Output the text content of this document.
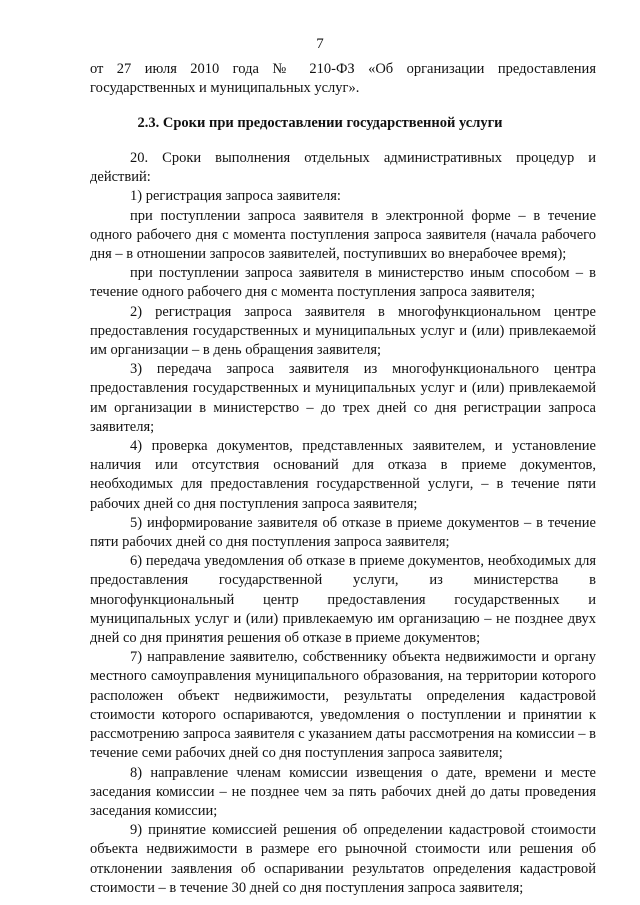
7
от 27 июля 2010 года № 210-ФЗ «Об организации предоставления государственных и муниципальных услуг».
2.3. Сроки при предоставлении государственной услуги

20. Сроки выполнения отдельных административных процедур и действий:

1) регистрация запроса заявителя:

при поступлении запроса заявителя в электронной форме – в течение одного рабочего дня с момента поступления запроса заявителя (начала рабочего дня – в отношении запросов заявителей, поступивших во внерабочее время);

при поступлении запроса заявителя в министерство иным способом – в течение одного рабочего дня с момента поступления запроса заявителя;

2) регистрация запроса заявителя в многофункциональном центре предоставления государственных и муниципальных услуг и (или) привлекаемой им организации – в день обращения заявителя;

3) передача запроса заявителя из многофункционального центра предоставления государственных и муниципальных услуг и (или) привлекаемой им организации в министерство – до трех дней со дня регистрации запроса заявителя;

4) проверка документов, представленных заявителем, и установление наличия или отсутствия оснований для отказа в приеме документов, необходимых для предоставления государственной услуги, – в течение пяти рабочих дней со дня поступления запроса заявителя;

5) информирование заявителя об отказе в приеме документов – в течение пяти рабочих дней со дня поступления запроса заявителя;

6) передача уведомления об отказе в приеме документов, необходимых для предоставления государственной услуги, из министерства в многофункциональный центр предоставления государственных и муниципальных услуг и (или) привлекаемую им организацию – не позднее двух дней со дня принятия решения об отказе в приеме документов;

7) направление заявителю, собственнику объекта недвижимости и органу местного самоуправления муниципального образования, на территории которого расположен объект недвижимости, результаты определения кадастровой стоимости которого оспариваются, уведомления о поступлении и принятии к рассмотрению запроса заявителя с указанием даты рассмотрения на комиссии – в течение семи рабочих дней со дня поступления запроса заявителя;

8) направление членам комиссии извещения о дате, времени и месте заседания комиссии – не позднее чем за пять рабочих дней до даты проведения заседания комиссии;

9) принятие комиссией решения об определении кадастровой стоимости объекта недвижимости в размере его рыночной стоимости или решения об отклонении заявления об оспаривании результатов определения кадастровой стоимости – в течение 30 дней со дня поступления запроса заявителя;
